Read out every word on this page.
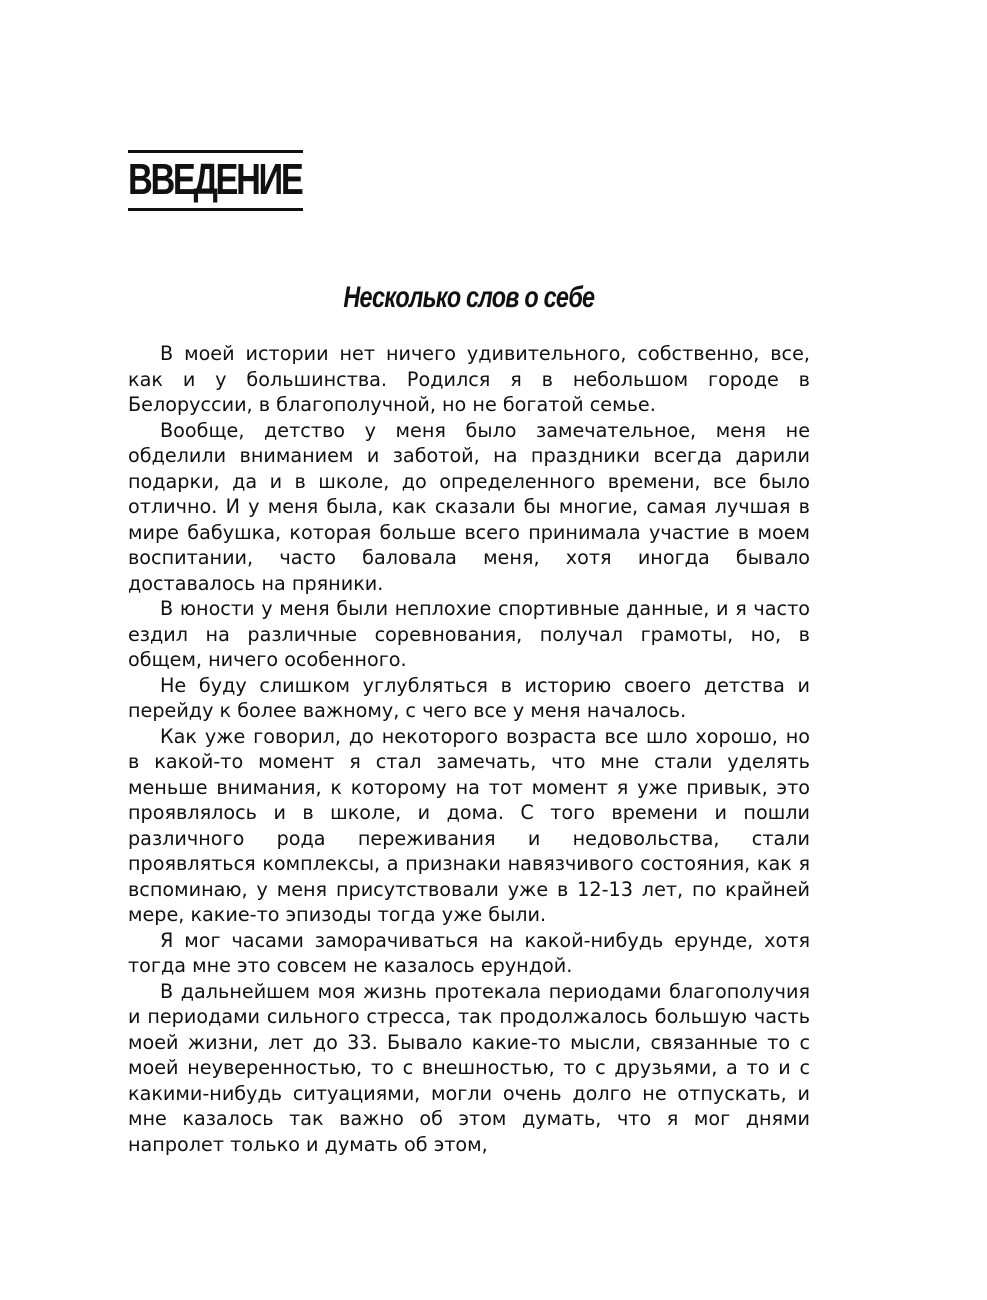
ВВЕДЕНИЕ
Несколько слов о себе

В моей истории нет ничего удивительного, собственно, все, как и у большинства. Родился я в небольшом городе в Белоруссии, в благополучной, но не богатой семье.

Вообще, детство у меня было замечательное, меня не обделили вниманием и заботой, на праздники всегда дарили подарки, да и в школе, до определенного времени, все было отлично. И у меня была, как сказали бы многие, самая лучшая в мире бабушка, которая больше всего принимала участие в моем воспитании, часто баловала меня, хотя иногда бывало доставалось на пряники.

В юности у меня были неплохие спортивные данные, и я часто ездил на различные соревнования, получал грамоты, но, в общем, ничего особенного.

Не буду слишком углубляться в историю своего детства и перейду к более важному, с чего все у меня началось.

Как уже говорил, до некоторого возраста все шло хорошо, но в какой-то момент я стал замечать, что мне стали уделять меньше внимания, к которому на тот момент я уже привык, это проявлялось и в школе, и дома. С того времени и пошли различного рода переживания и недовольства, стали проявляться комплексы, а признаки навязчивого состояния, как я вспоминаю, у меня присутствовали уже в 12-13 лет, по крайней мере, какие-то эпизоды тогда уже были.

Я мог часами заморачиваться на какой-нибудь ерунде, хотя тогда мне это совсем не казалось ерундой.

В дальнейшем моя жизнь протекала периодами благополучия и периодами сильного стресса, так продолжалось большую часть моей жизни, лет до 33. Бывало какие-то мысли, связанные то с моей неуверенностью, то с внешностью, то с друзьями, а то и с какими-нибудь ситуациями, могли очень долго не отпускать, и мне казалось так важно об этом думать, что я мог днями напролет только и думать об этом,
